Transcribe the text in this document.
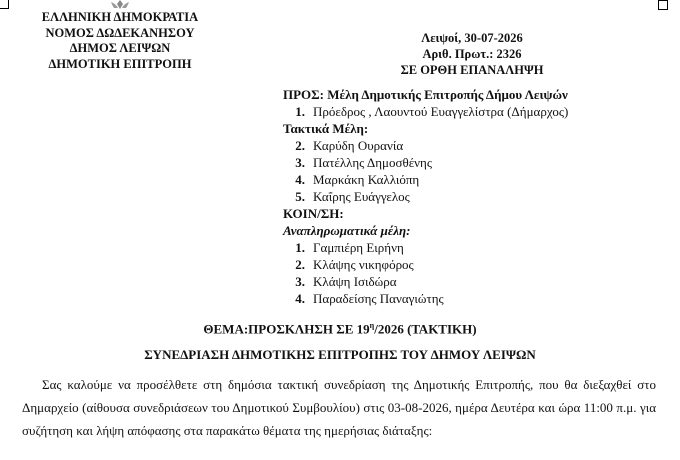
ΕΛΛΗΝΙΚΗ ΔΗΜΟΚΡΑΤΙΑ
ΝΟΜΟΣ ΔΩΔΕΚΑΝΗΣΟΥ
ΔΗΜΟΣ ΛΕΙΨΩΝ
ΔΗΜΟΤΙΚΗ ΕΠΙΤΡΟΠΗ
Λειψοί, 30-07-2026
Αριθ. Πρωτ.: 2326
ΣΕ ΟΡΘΗ ΕΠΑΝΑΛΗΨΗ
ΠΡΟΣ: Μέλη Δημοτικής Επιτροπής Δήμου Λειψών
1. Πρόεδρος , Λαουντού Ευαγγελίστρα (Δήμαρχος)
Τακτικά Μέλη:
2. Καρύδη Ουρανία
3. Πατέλλης Δημοσθένης
4. Μαρκάκη Καλλιόπη
5. Καΐρης Ευάγγελος
ΚΟΙΝ/ΣΗ:
Αναπληρωματικά μέλη:
1. Γαμπιέρη Ειρήνη
2. Κλάψης νικηφόρος
3. Κλάψη Ισιδώρα
4. Παραδείσης Παναγιώτης
ΘΕΜΑ:ΠΡΟΣΚΛΗΣΗ ΣΕ $19^\eta/2026$ (ΤΑΚΤΙΚΗ)
ΣΥΝΕΔΡΙΑΣΗ ΔΗΜΟΤΙΚΗΣ ΕΠΙΤΡΟΠΗΣ ΤΟΥ ΔΗΜΟΥ ΛΕΙΨΩΝ

Σας καλούμε να προσέλθετε στη δημόσια τακτική συνεδρίαση της Δημοτικής Επιτροπής, που θα διεξαχθεί στο Δημαρχείο (αίθουσα συνεδριάσεων του Δημοτικού Συμβουλίου) στις 03-08-2026, ημέρα Δευτέρα και ώρα 11:00 π.μ. για συζήτηση και λήψη απόφασης στα παρακάτω θέματα της ημερήσιας διάταξης:
